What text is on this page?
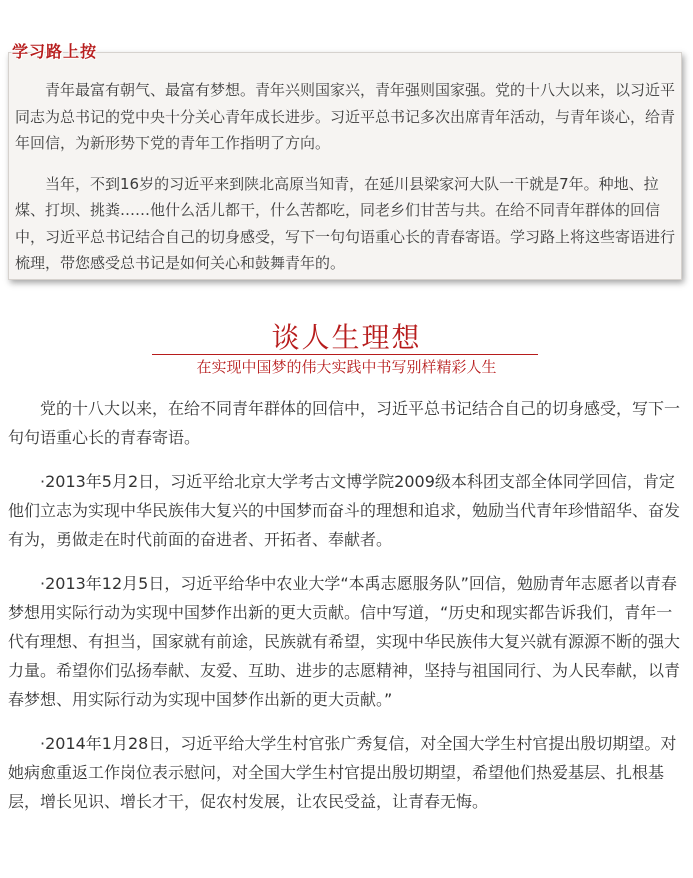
学习路上按

青年最富有朝气、最富有梦想。青年兴则国家兴，青年强则国家强。党的十八大以来，以习近平同志为总书记的党中央十分关心青年成长进步。习近平总书记多次出席青年活动，与青年谈心，给青年回信，为新形势下党的青年工作指明了方向。

当年，不到16岁的习近平来到陕北高原当知青，在延川县梁家河大队一干就是7年。种地、拉煤、打坝、挑粪……他什么活儿都干，什么苦都吃，同老乡们甘苦与共。在给不同青年群体的回信中，习近平总书记结合自己的切身感受，写下一句句语重心长的青春寄语。学习路上将这些寄语进行梳理，带您感受总书记是如何关心和鼓舞青年的。

谈人生理想
在实现中国梦的伟大实践中书写别样精彩人生

党的十八大以来，在给不同青年群体的回信中，习近平总书记结合自己的切身感受，写下一句句语重心长的青春寄语。

·2013年5月2日，习近平给北京大学考古文博学院2009级本科团支部全体同学回信，肯定他们立志为实现中华民族伟大复兴的中国梦而奋斗的理想和追求，勉励当代青年珍惜韶华、奋发有为，勇做走在时代前面的奋进者、开拓者、奉献者。

·2013年12月5日，习近平给华中农业大学“本禹志愿服务队”回信，勉励青年志愿者以青春梦想用实际行动为实现中国梦作出新的更大贡献。信中写道，“历史和现实都告诉我们，青年一代有理想、有担当，国家就有前途，民族就有希望，实现中华民族伟大复兴就有源源不断的强大力量。希望你们弘扬奉献、友爱、互助、进步的志愿精神，坚持与祖国同行、为人民奉献，以青春梦想、用实际行动为实现中国梦作出新的更大贡献。”

·2014年1月28日，习近平给大学生村官张广秀复信，对全国大学生村官提出殷切期望。对她病愈重返工作岗位表示慰问，对全国大学生村官提出殷切期望，希望他们热爱基层、扎根基层，增长见识、增长才干，促农村发展，让农民受益，让青春无悔。
